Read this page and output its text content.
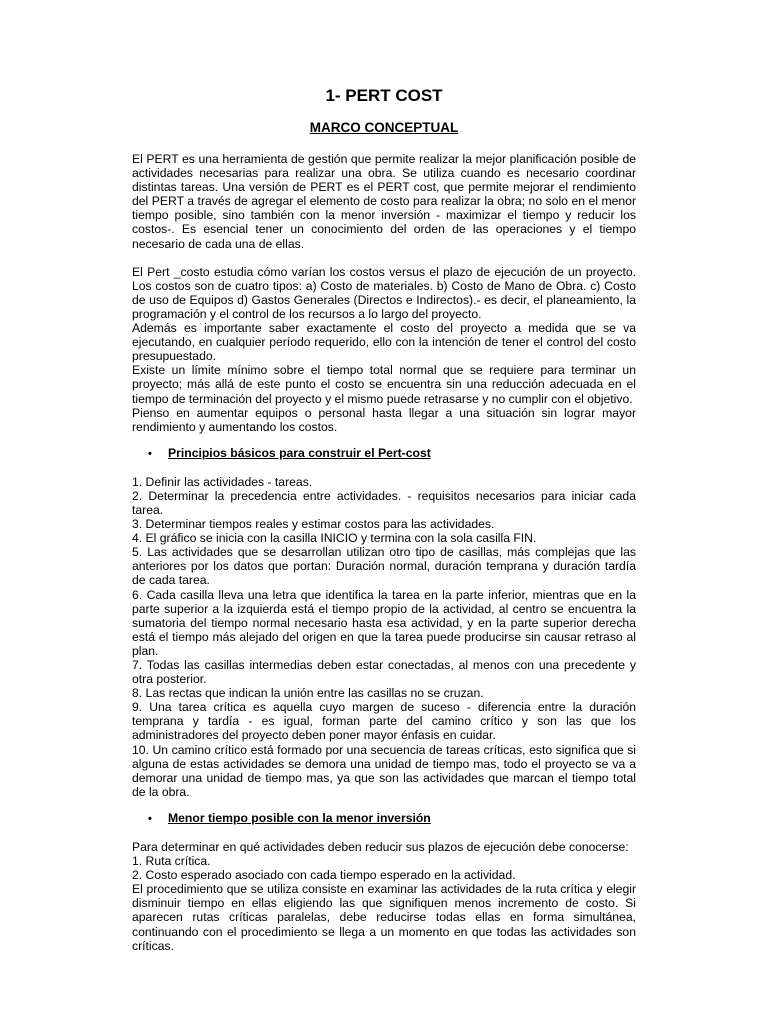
1- PERT COST
MARCO CONCEPTUAL

El PERT es una herramienta de gestión que permite realizar la mejor planificación posible de actividades necesarias para realizar una obra. Se utiliza cuando es necesario coordinar distintas tareas. Una versión de PERT es el PERT cost, que permite mejorar el rendimiento del PERT a través de agregar el elemento de costo para realizar la obra; no solo en el menor tiempo posible, sino también con la menor inversión - maximizar el tiempo y reducir los costos-. Es esencial tener un conocimiento del orden de las operaciones y el tiempo necesario de cada una de ellas.

El Pert _costo estudia cómo varían los costos versus el plazo de ejecución de un proyecto. Los costos son de cuatro tipos: a) Costo de materiales. b) Costo de Mano de Obra. c) Costo de uso de Equipos d) Gastos Generales (Directos e Indirectos).- es decir, el planeamiento, la programación y el control de los recursos a lo largo del proyecto.

Además es importante saber exactamente el costo del proyecto a medida que se va ejecutando, en cualquier período requerido, ello con la intención de tener el control del costo presupuestado.

Existe un límite mínimo sobre el tiempo total normal que se requiere para terminar un proyecto; más allá de este punto el costo se encuentra sin una reducción adecuada en el tiempo de terminación del proyecto y el mismo puede retrasarse y no cumplir con el objetivo.

Pienso en aumentar equipos o personal hasta llegar a una situación sin lograr mayor rendimiento y aumentando los costos.

•	Principios básicos para construir el Pert-cost

1. Definir las actividades - tareas.

2. Determinar la precedencia entre actividades. - requisitos necesarios para iniciar cada tarea.

3. Determinar tiempos reales y estimar costos para las actividades.

4. El gráfico se inicia con la casilla INICIO y termina con la sola casilla FIN.

5. Las actividades que se desarrollan utilizan otro tipo de casillas, más complejas que las anteriores por los datos que portan: Duración normal, duración temprana y duración tardía de cada tarea.

6. Cada casilla lleva una letra que identifica la tarea en la parte inferior, mientras que en la parte superior a la izquierda está el tiempo propio de la actividad, al centro se encuentra la sumatoria del tiempo normal necesario hasta esa actividad, y en la parte superior derecha está el tiempo más alejado del origen en que la tarea puede producirse sin causar retraso al plan.

7. Todas las casillas intermedias deben estar conectadas, al menos con una precedente y otra posterior.

8. Las rectas que indican la unión entre las casillas no se cruzan.

9. Una tarea crítica es aquella cuyo margen de suceso - diferencia entre la duración temprana y tardía - es igual, forman parte del camino crítico y son las que los administradores del proyecto deben poner mayor énfasis en cuidar.

10. Un camino crítico está formado por una secuencia de tareas críticas, esto significa que si alguna de estas actividades se demora una unidad de tiempo mas, todo el proyecto se va a demorar una unidad de tiempo mas, ya que son las actividades que marcan el tiempo total de la obra.

•	Menor tiempo posible con la menor inversión

Para determinar en qué actividades deben reducir sus plazos de ejecución debe conocerse:

1. Ruta crítica.

2. Costo esperado asociado con cada tiempo esperado en la actividad.

El procedimiento que se utiliza consiste en examinar las actividades de la ruta crítica y elegir disminuir tiempo en ellas eligiendo las que signifiquen menos incremento de costo. Si aparecen rutas críticas paralelas, debe reducirse todas ellas en forma simultánea, continuando con el procedimiento se llega a un momento en que todas las actividades son críticas.
